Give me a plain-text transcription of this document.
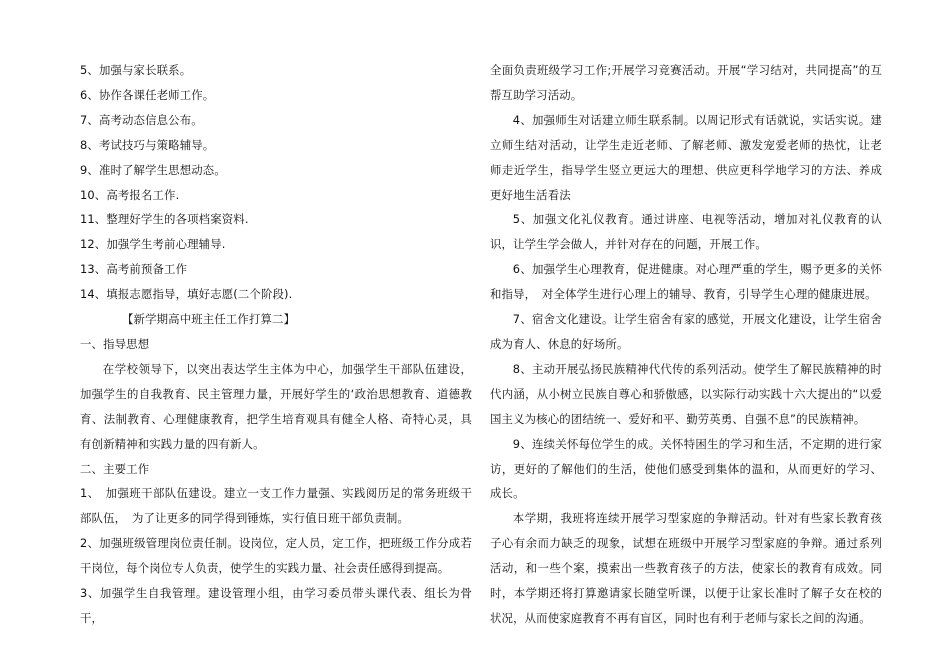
5、加强与家长联系。

6、协作各课任老师工作。

7、高考动态信息公布。

8、考试技巧与策略辅导。

9、准时了解学生思想动态。

10、高考报名工作.

11、整理好学生的各项档案资料.

12、加强学生考前心理辅导.

13、高考前预备工作

14、填报志愿指导，填好志愿(二个阶段).

【新学期高中班主任工作打算二】

一、指导思想

在学校领导下，以突出表达学生主体为中心，加强学生干部队伍建设，加强学生的自我教育、民主管理力量，开展好学生的‘政治思想教育、道德教育、法制教育、心理健康教育，把学生培育观具有健全人格、奇特心灵，具有创新精神和实践力量的四有新人。

二、主要工作

1、　加强班干部队伍建设。建立一支工作力量强、实践阅历足的常务班级干部队伍，　为了让更多的同学得到锤炼，实行值日班干部负责制。

2、加强班级管理岗位责任制。设岗位，定人员，定工作，把班级工作分成若干岗位，每个岗位专人负责，使学生的实践力量、社会责任感得到提高。

3、加强学生自我管理。建设管理小组，由学习委员带头课代表、组长为骨干，

全面负责班级学习工作;开展学习竞赛活动。开展“学习结对，共同提高”的互帮互助学习活动。

4、加强师生对话建立师生联系制。以周记形式有话就说，实话实说。建立师生结对活动，让学生走近老师、了解老师、激发宠爱老师的热忱，让老师走近学生，指导学生竖立更远大的理想、供应更科学地学习的方法、养成更好地生活看法

5、加强文化礼仪教育。通过讲座、电视等活动，增加对礼仪教育的认识，让学生学会做人，并针对存在的问题，开展工作。

6、加强学生心理教育，促进健康。对心理严重的学生，赐予更多的关怀和指导，　对全体学生进行心理上的辅导、教育，引导学生心理的健康进展。

7、宿舍文化建设。让学生宿舍有家的感觉，开展文化建设，让学生宿舍成为育人、休息的好场所。

8、主动开展弘扬民族精神代代传的系列活动。使学生了解民族精神的时代内涵，从小树立民族自尊心和骄傲感，以实际行动实践十六大提出的“以爱国主义为核心的团结统一、爱好和平、勤劳英勇、自强不息”的民族精神。

9、连续关怀每位学生的成。关怀特困生的学习和生活，不定期的进行家访，更好的了解他们的生活，使他们感受到集体的温和，从而更好的学习、成长。

本学期，我班将连续开展学习型家庭的争辩活动。针对有些家长教育孩子心有余而力缺乏的现象，试想在班级中开展学习型家庭的争辩。通过系列活动，和一些个案，摸索出一些教育孩子的方法，使家长的教育有成效。同时，本学期还将打算邀请家长随堂听课，以便于让家长准时了解子女在校的状况，从而使家庭教育不再有盲区，同时也有利于老师与家长之间的沟通。
